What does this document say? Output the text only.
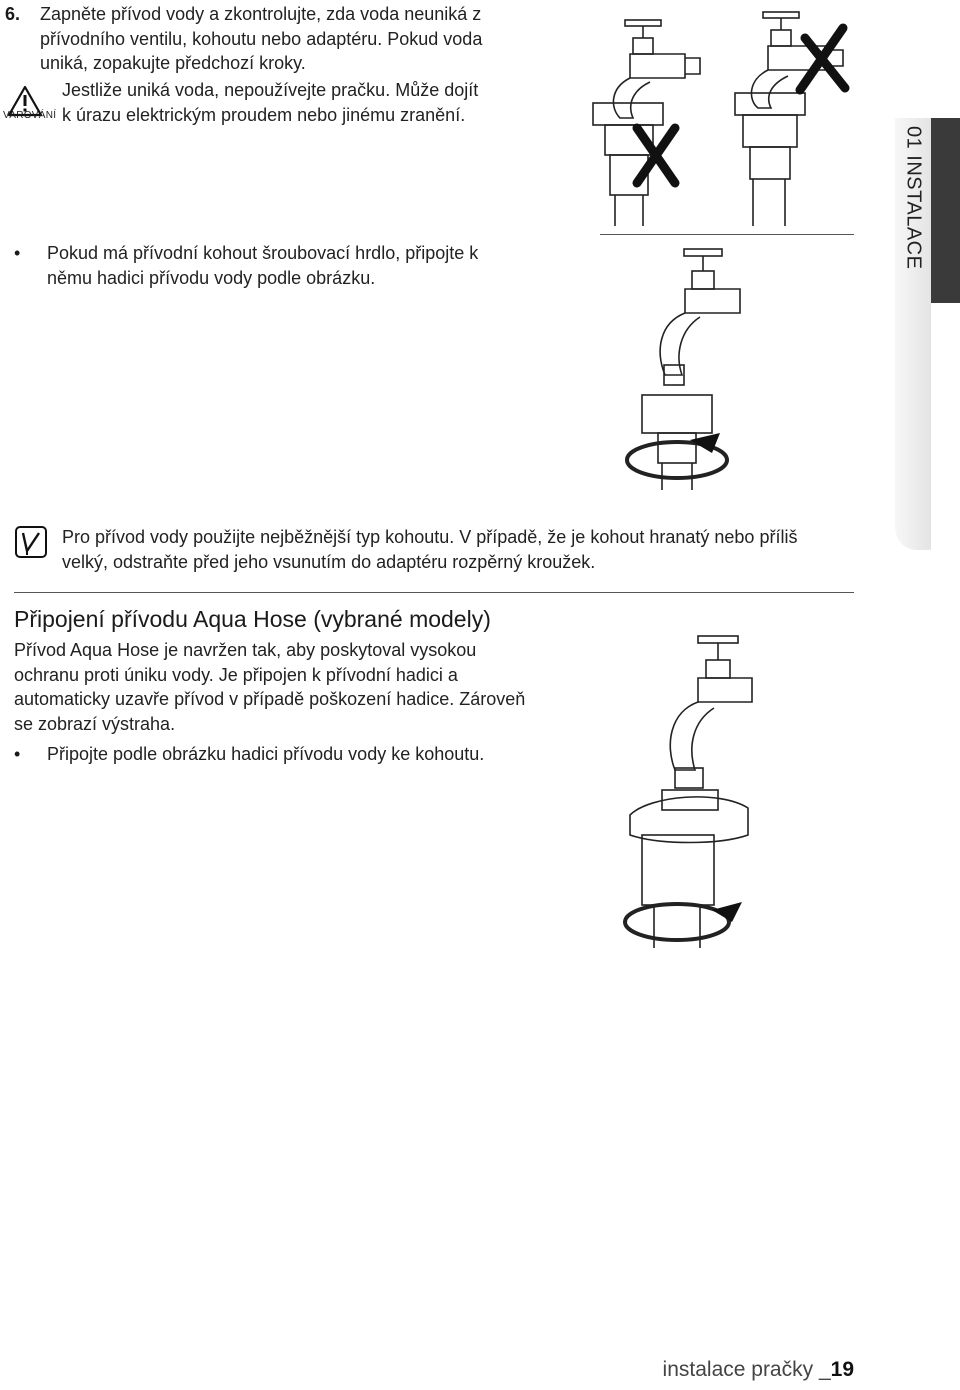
6. Zapněte přívod vody a zkontrolujte, zda voda neuniká z
přívodního ventilu, kohoutu nebo adaptéru. Pokud voda
uniká, zopakujte předchozí kroky.
VAROVÁNÍ
Jestliže uniká voda, nepoužívejte pračku. Může dojít
k úrazu elektrickým proudem nebo jinému zranění.
• Pokud má přívodní kohout šroubovací hrdlo, připojte k
němu hadici přívodu vody podle obrázku.
Pro přívod vody použijte nejběžnější typ kohoutu. V případě, že je kohout hranatý nebo příliš
velký, odstraňte před jeho vsunutím do adaptéru rozpěrný kroužek.
Připojení přívodu Aqua Hose (vybrané modely)
Přívod Aqua Hose je navržen tak, aby poskytoval vysokou
ochranu proti úniku vody. Je připojen k přívodní hadici a
automaticky uzavře přívod v případě poškození hadice. Zároveň
se zobrazí výstraha.
• Připojte podle obrázku hadici přívodu vody ke kohoutu.
01 INSTALACE
instalace pračky _19
